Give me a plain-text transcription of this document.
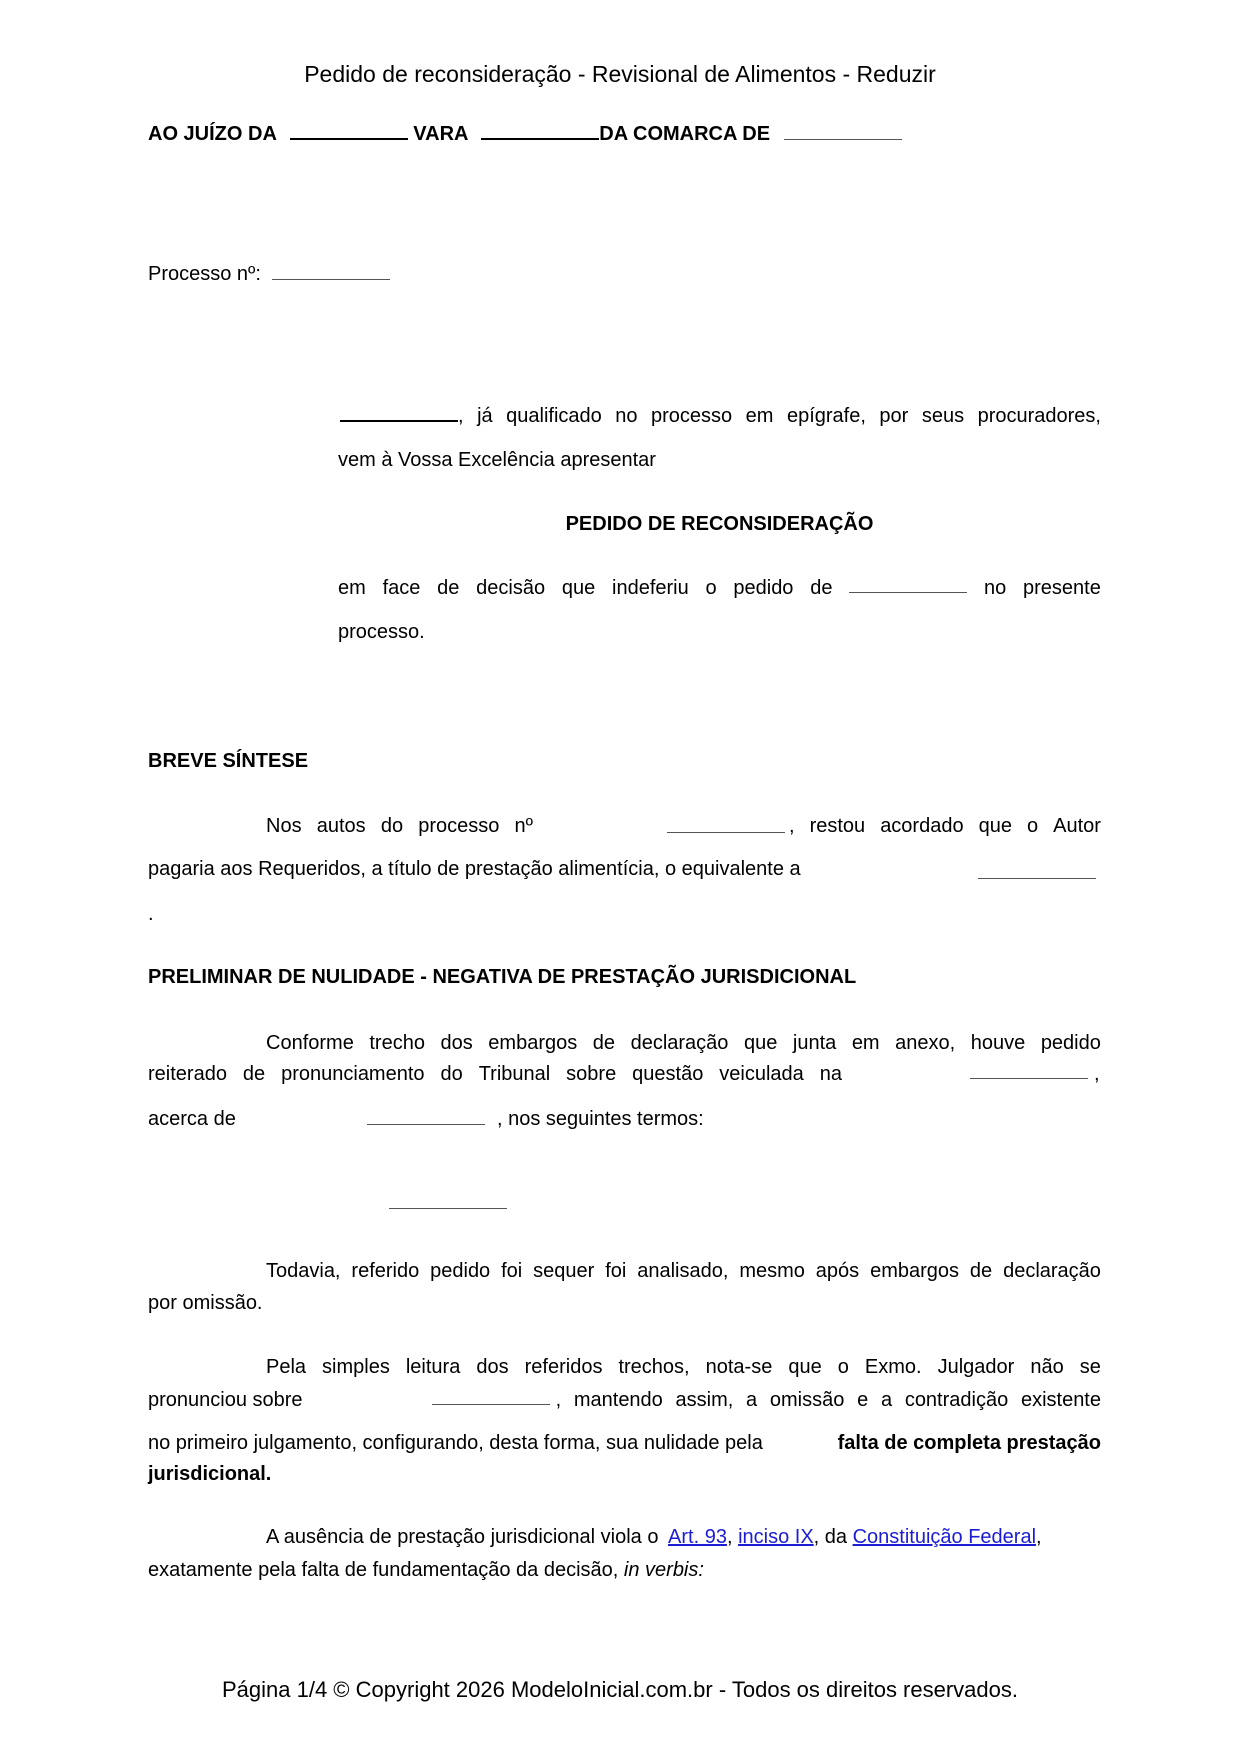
Pedido de reconsideração - Revisional de Alimentos - Reduzir
AO JUÍZO DA	VARA	DA COMARCA DE
Processo nº:
, já qualificado no processo em epígrafe, por seus procuradores,
vem à Vossa Excelência apresentar
PEDIDO DE RECONSIDERAÇÃO
em face de decisão que indeferiu o pedido de	no presente
processo.
BREVE SÍNTESE
Nos autos do processo nº	, restou acordado que o Autor
pagaria aos Requeridos, a título de prestação alimentícia, o equivalente a
.
PRELIMINAR DE NULIDADE - NEGATIVA DE PRESTAÇÃO JURISDICIONAL
Conforme trecho dos embargos de declaração que junta em anexo, houve pedido
reiterado de pronunciamento do Tribunal sobre questão veiculada na	,
acerca de	, nos seguintes termos:
Todavia, referido pedido foi sequer foi analisado, mesmo após embargos de declaração
por omissão.
Pela simples leitura dos referidos trechos, nota-se que o Exmo. Julgador não se
pronunciou sobre	, mantendo assim, a omissão e a contradição existente
no primeiro julgamento, configurando, desta forma, sua nulidade pela	falta de completa prestação
jurisdicional.
A ausência de prestação jurisdicional viola o Art. 93, inciso IX, da Constituição Federal,
exatamente pela falta de fundamentação da decisão, in verbis:
Página 1/4 © Copyright 2026 ModeloInicial.com.br - Todos os direitos reservados.
